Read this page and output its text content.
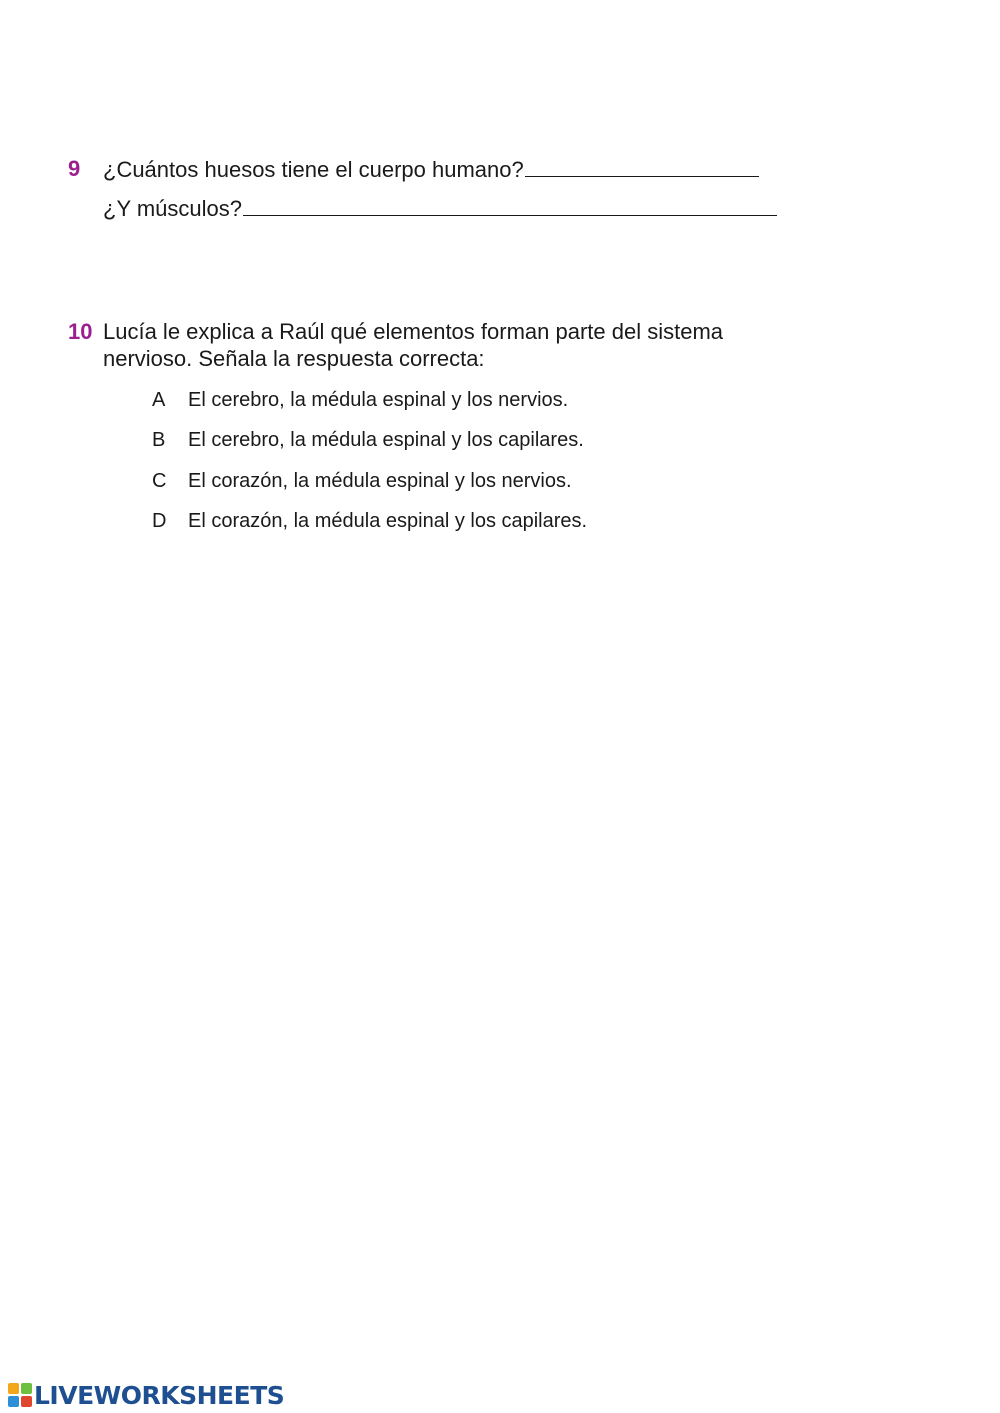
9 ¿Cuántos huesos tiene el cuerpo humano?
¿Y músculos?
10 Lucía le explica a Raúl qué elementos forman parte del sistema
nervioso. Señala la respuesta correcta:
A El cerebro, la médula espinal y los nervios.
B El cerebro, la médula espinal y los capilares.
C El corazón, la médula espinal y los nervios.
D El corazón, la médula espinal y los capilares.
LIVEWORKSHEETS
